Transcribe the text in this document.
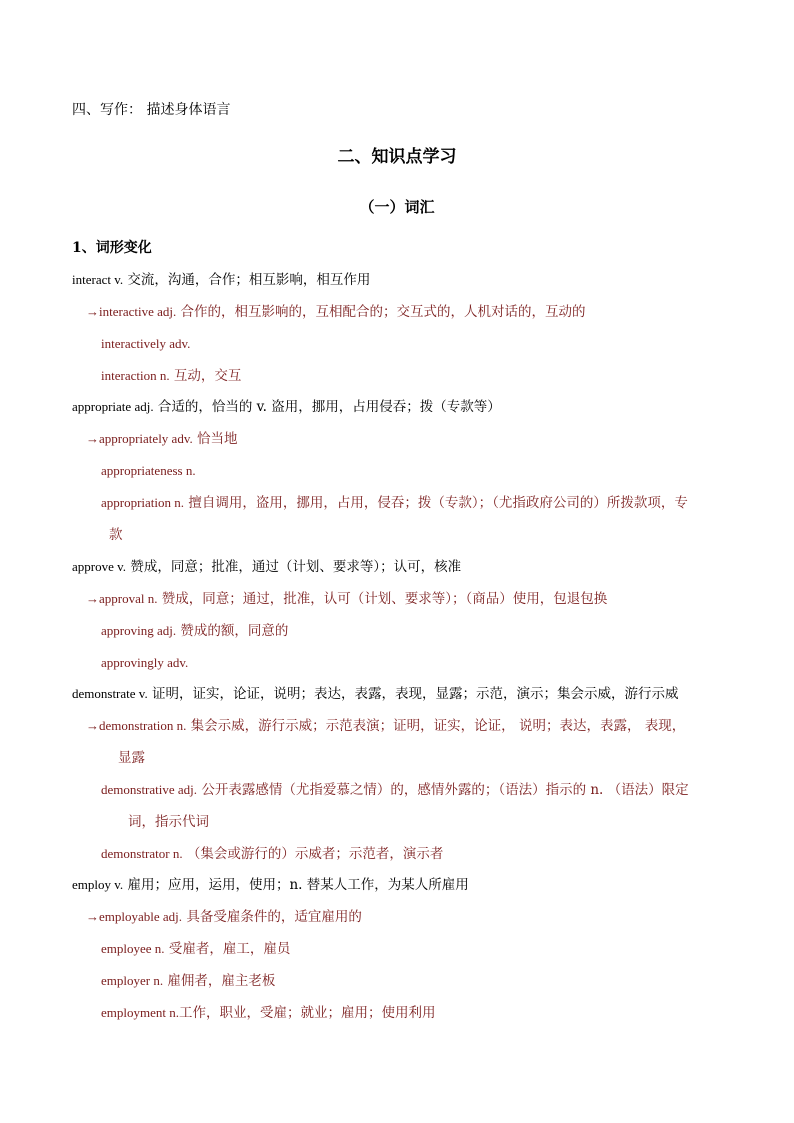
四、写作： 描述身体语言
二、知识点学习
（一）词汇
1、词形变化
interact v. 交流，沟通，合作；相互影响，相互作用
→interactive adj. 合作的，相互影响的，互相配合的；交互式的，人机对话的，互动的
interactively adv.
interaction n. 互动，交互
appropriate adj. 合适的，恰当的 v. 盗用，挪用，占用侵吞；拨（专款等）
→appropriately adv. 恰当地
appropriateness n.
appropriation n. 擅自调用，盗用，挪用，占用，侵吞；拨（专款）；（尤指政府公司的）所拨款项，专
款
approve v. 赞成，同意；批准，通过（计划、要求等）；认可，核准
→approval n. 赞成，同意；通过，批准，认可（计划、要求等）；（商品）使用，包退包换
approving adj. 赞成的额，同意的
approvingly adv.
demonstrate v. 证明，证实，论证，说明；表达，表露，表现，显露；示范，演示；集会示威，游行示威
→demonstration n. 集会示威，游行示威；示范表演；证明，证实，论证， 说明；表达，表露， 表现，
显露
demonstrative adj. 公开表露感情（尤指爱慕之情）的，感情外露的；（语法）指示的 n. （语法）限定
词，指示代词
demonstrator n. （集会或游行的）示威者；示范者，演示者
employ v. 雇用；应用，运用，使用；n. 替某人工作，为某人所雇用
→employable adj. 具备受雇条件的，适宜雇用的
employee n. 受雇者，雇工，雇员
employer n. 雇佣者，雇主老板
employment n.工作，职业，受雇；就业；雇用；使用利用
